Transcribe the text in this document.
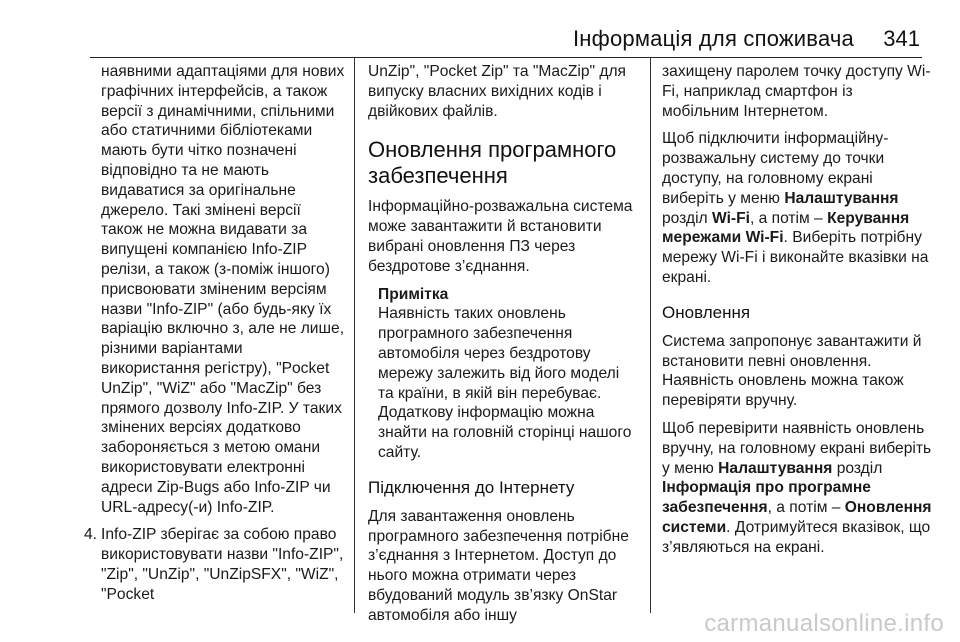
Інформація для споживача 341

наявними адаптаціями для нових графічних інтерфейсів, а також версії з динамічними, спільними або статичними бібліотеками мають бути чітко позначені відповідно та не мають видаватися за оригінальне джерело. Такі змінені версії також не можна видавати за випущені компанією Info-ZIP релізи, а також (з-поміж іншого) присвоювати зміненим версіям назви "Info-ZIP" (або будь-яку їх варіацію включно з, але не лише, різними варіантами використання регістру), "Pocket UnZip", "WiZ" або "MacZip" без прямого дозволу Info-ZIP. У таких змінених версіях додатково забороняється з метою омани використовувати електронні адреси Zip-Bugs або Info-ZIP чи URL-адресу(-и) Info-ZIP.

4. Info-ZIP зберігає за собою право використовувати назви "Info-ZIP", "Zip", "UnZip", "UnZipSFX", "WiZ", "Pocket

UnZip", "Pocket Zip" та "MacZip" для випуску власних вихідних кодів і двійкових файлів.

Оновлення програмного забезпечення

Інформаційно-розважальна система може завантажити й встановити вибрані оновлення ПЗ через бездротове з’єднання.

Примітка
Наявність таких оновлень програмного забезпечення автомобіля через бездротову мережу залежить від його моделі та країни, в якій він перебуває. Додаткову інформацію можна знайти на головній сторінці нашого сайту.
Підключення до Інтернету

Для завантаження оновлень програмного забезпечення потрібне з’єднання з Інтернетом. Доступ до нього можна отримати через вбудований модуль зв’язку OnStar автомобіля або іншу

захищену паролем точку доступу Wi-Fi, наприклад смартфон із мобільним Інтернетом.

Щоб підключити інформаційну-розважальну систему до точки доступу, на головному екрані виберіть у меню Налаштування розділ Wi-Fi, а потім – Керування мережами Wi-Fi. Виберіть потрібну мережу Wi-Fi і виконайте вказівки на екрані.

Оновлення

Система запропонує завантажити й встановити певні оновлення. Наявність оновлень можна також перевіряти вручну.

Щоб перевірити наявність оновлень вручну, на головному екрані виберіть у меню Налаштування розділ Інформація про програмне забезпечення, а потім – Оновлення системи. Дотримуйтеся вказівок, що з’являються на екрані.

carmanualsonline.info
